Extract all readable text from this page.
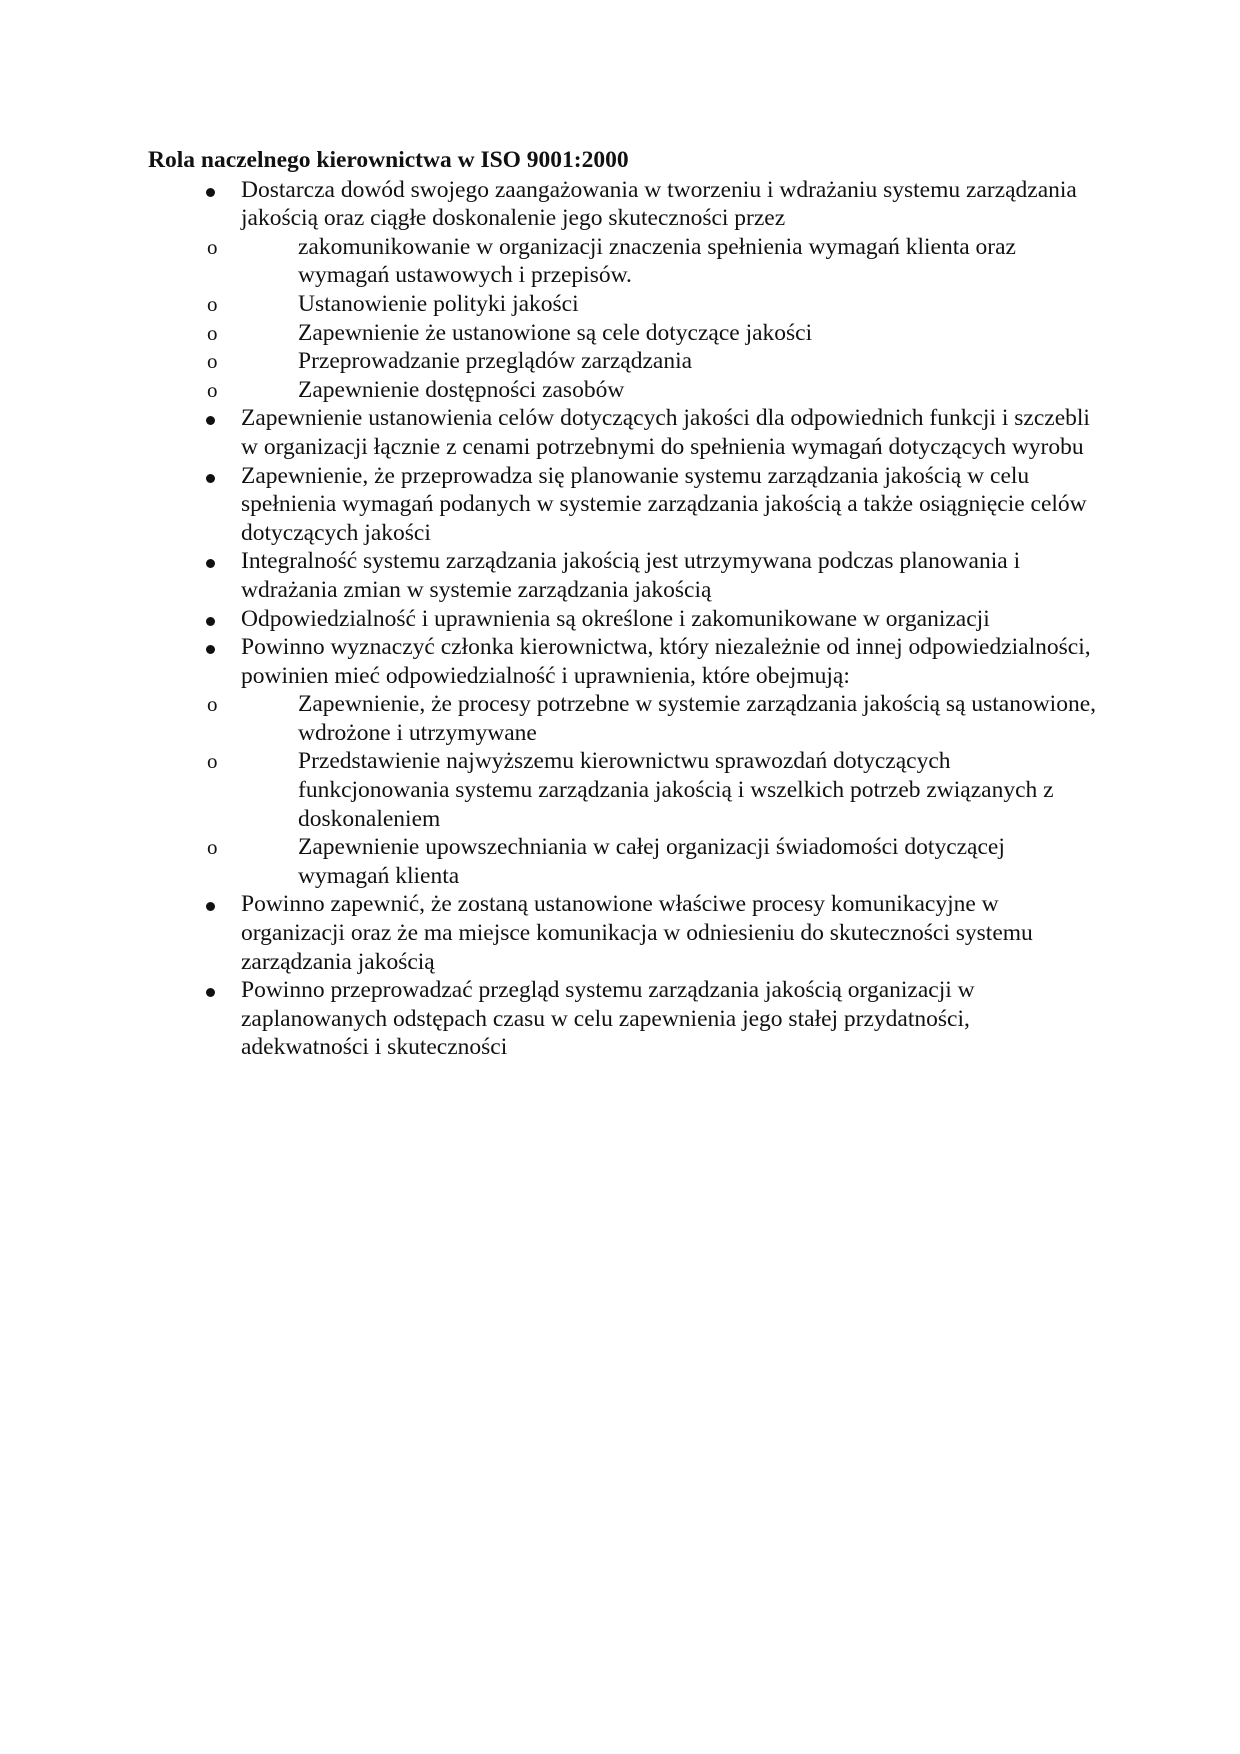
Rola naczelnego kierownictwa w ISO 9001:2000
Dostarcza dowód swojego zaangażowania w tworzeniu i wdrażaniu systemu zarządzania jakością oraz ciągłe doskonalenie jego skuteczności przez
o	zakomunikowanie w organizacji znaczenia spełnienia wymagań klienta oraz wymagań ustawowych i przepisów.
o	Ustanowienie polityki jakości
o	Zapewnienie że ustanowione są cele dotyczące jakości
o	Przeprowadzanie przeglądów zarządzania
o	Zapewnienie dostępności zasobów
Zapewnienie ustanowienia celów dotyczących jakości dla odpowiednich funkcji i szczebli w organizacji łącznie z cenami potrzebnymi do spełnienia wymagań dotyczących wyrobu
Zapewnienie, że przeprowadza się planowanie systemu zarządzania jakością w celu spełnienia wymagań podanych w systemie zarządzania jakością a także osiągnięcie celów dotyczących jakości
Integralność systemu zarządzania jakością jest utrzymywana podczas planowania i wdrażania zmian w systemie zarządzania jakością
Odpowiedzialność i uprawnienia są określone i zakomunikowane w organizacji
Powinno wyznaczyć członka kierownictwa, który niezależnie od innej odpowiedzialności, powinien mieć odpowiedzialność i uprawnienia, które obejmują:
o	Zapewnienie, że procesy potrzebne w systemie zarządzania jakością są ustanowione, wdrożone i utrzymywane
o	Przedstawienie najwyższemu kierownictwu sprawozdań dotyczących funkcjonowania systemu zarządzania jakością i wszelkich potrzeb związanych z doskonaleniem
o	Zapewnienie upowszechniania w całej organizacji świadomości dotyczącej wymagań klienta
Powinno zapewnić, że zostaną ustanowione właściwe procesy komunikacyjne w organizacji oraz że ma miejsce komunikacja w odniesieniu do skuteczności systemu zarządzania jakością
Powinno przeprowadzać przegląd systemu zarządzania jakością organizacji w zaplanowanych odstępach czasu w celu zapewnienia jego stałej przydatności, adekwatności i skuteczności
